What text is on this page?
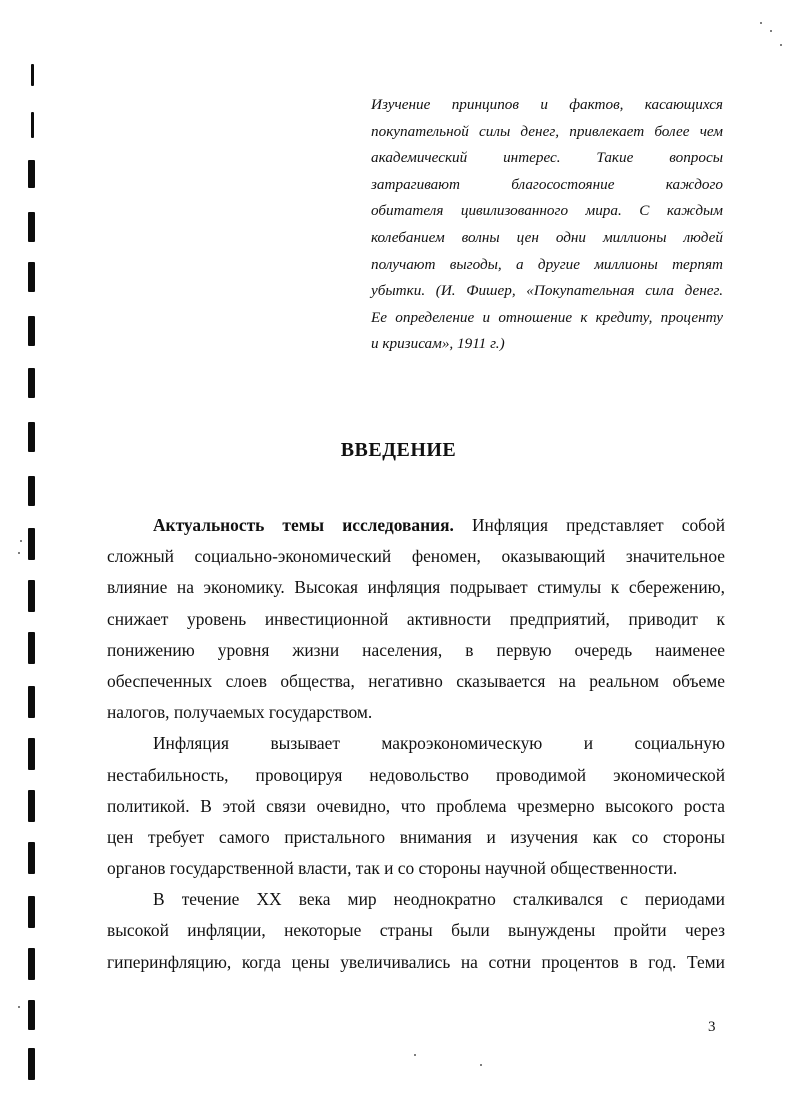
Изучение принципов и фактов, касающихся
покупательной силы денег, привлекает более чем
академический интерес. Такие вопросы
затрагивают благосостояние каждого
обитателя цивилизованного мира. С каждым
колебанием волны цен одни миллионы людей
получают выгоды, а другие миллионы терпят
убытки. (И. Фишер, «Покупательная сила денег.
Ее определение и отношение к кредиту, проценту
и кризисам», 1911 г.)
ВВЕДЕНИЕ

Актуальность темы исследования. Инфляция представляет собой
сложный социально-экономический феномен, оказывающий значительное
влияние на экономику. Высокая инфляция подрывает стимулы к сбережению,
снижает уровень инвестиционной активности предприятий, приводит к
понижению уровня жизни населения, в первую очередь наименее
обеспеченных слоев общества, негативно сказывается на реальном объеме
налогов, получаемых государством.

Инфляция вызывает макроэкономическую и социальную
нестабильность, провоцируя недовольство проводимой экономической
политикой. В этой связи очевидно, что проблема чрезмерно высокого роста
цен требует самого пристального внимания и изучения как со стороны
органов государственной власти, так и со стороны научной общественности.

В течение XX века мир неоднократно сталкивался с периодами
высокой инфляции, некоторые страны были вынуждены пройти через
гиперинфляцию, когда цены увеличивались на сотни процентов в год. Теми

3
